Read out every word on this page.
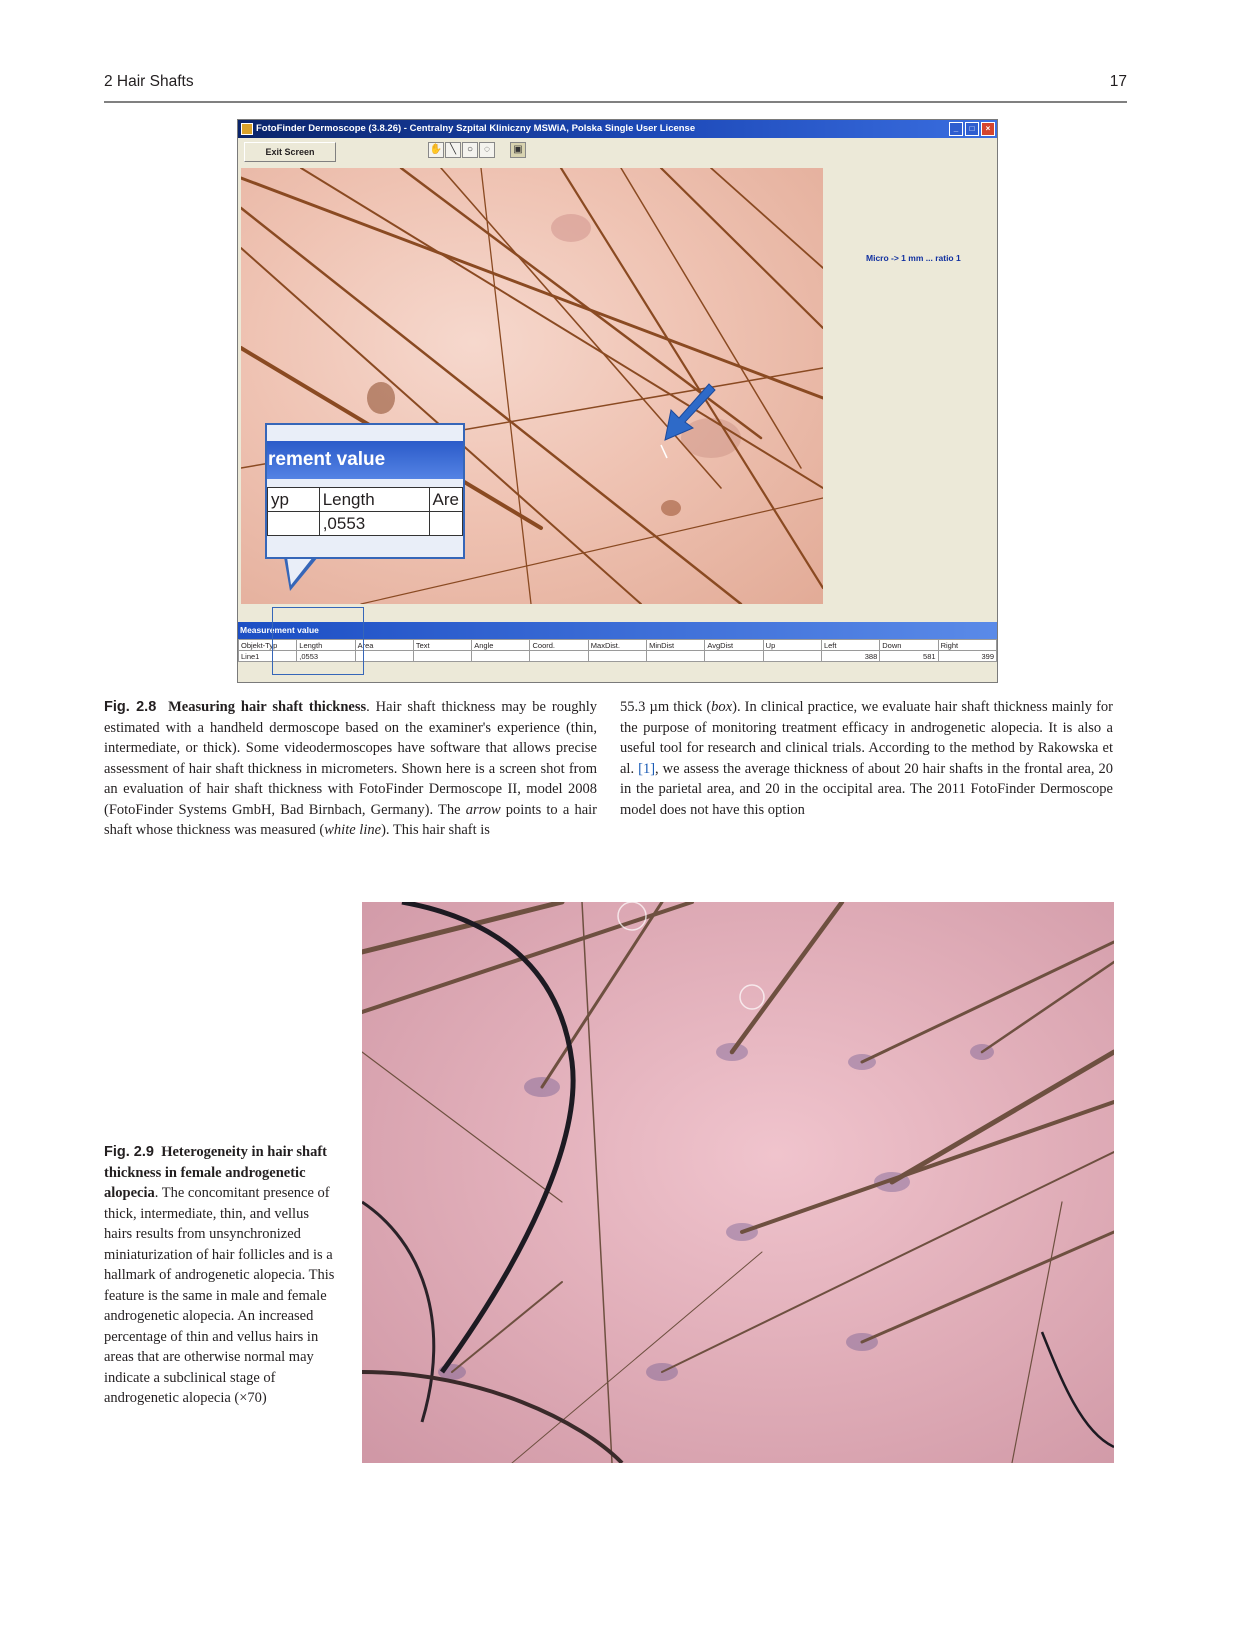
2 Hair Shafts	17
FotoFinder Dermoscope (3.8.26) - Centralny Szpital Kliniczny MSWiA, Polska Single User License	_	□	×
Exit Screen	✋ ╲	○	◌	▣
Micro -> 1 mm ... ratio 1
Measurement value
Objekt-Typ	Length	Area	Text	Angle	Coord.	MaxDist.	MinDist	AvgDist	Up	Left	Down	Right
Line1	,0553									388	581	399
rement value
yp	Length	Are
	,0553	

Fig. 2.8 Measuring hair shaft thickness. Hair shaft thickness may be roughly estimated with a handheld dermoscope based on the examiner's experience (thin, intermediate, or thick). Some videodermoscopes have software that allows precise assessment of hair shaft thickness in micrometers. Shown here is a screen shot from an evaluation of hair shaft thickness with FotoFinder Dermoscope II, model 2008 (FotoFinder Systems GmbH, Bad Birnbach, Germany). The arrow points to a hair shaft whose thickness was measured (white line). This hair shaft is

55.3 µm thick (box). In clinical practice, we evaluate hair shaft thickness mainly for the purpose of monitoring treatment efficacy in androgenetic alopecia. It is also a useful tool for research and clinical trials. According to the method by Rakowska et al. [1], we assess the average thickness of about 20 hair shafts in the frontal area, 20 in the parietal area, and 20 in the occipital area. The 2011 FotoFinder Dermoscope model does not have this option

Fig. 2.9 Heterogeneity in hair shaft thickness in female androgenetic alopecia. The concomitant presence of thick, intermediate, thin, and vellus hairs results from unsynchronized miniaturization of hair follicles and is a hallmark of androgenetic alopecia. This feature is the same in male and female androgenetic alopecia. An increased percentage of thin and vellus hairs in areas that are otherwise normal may indicate a subclinical stage of androgenetic alopecia (×70)
